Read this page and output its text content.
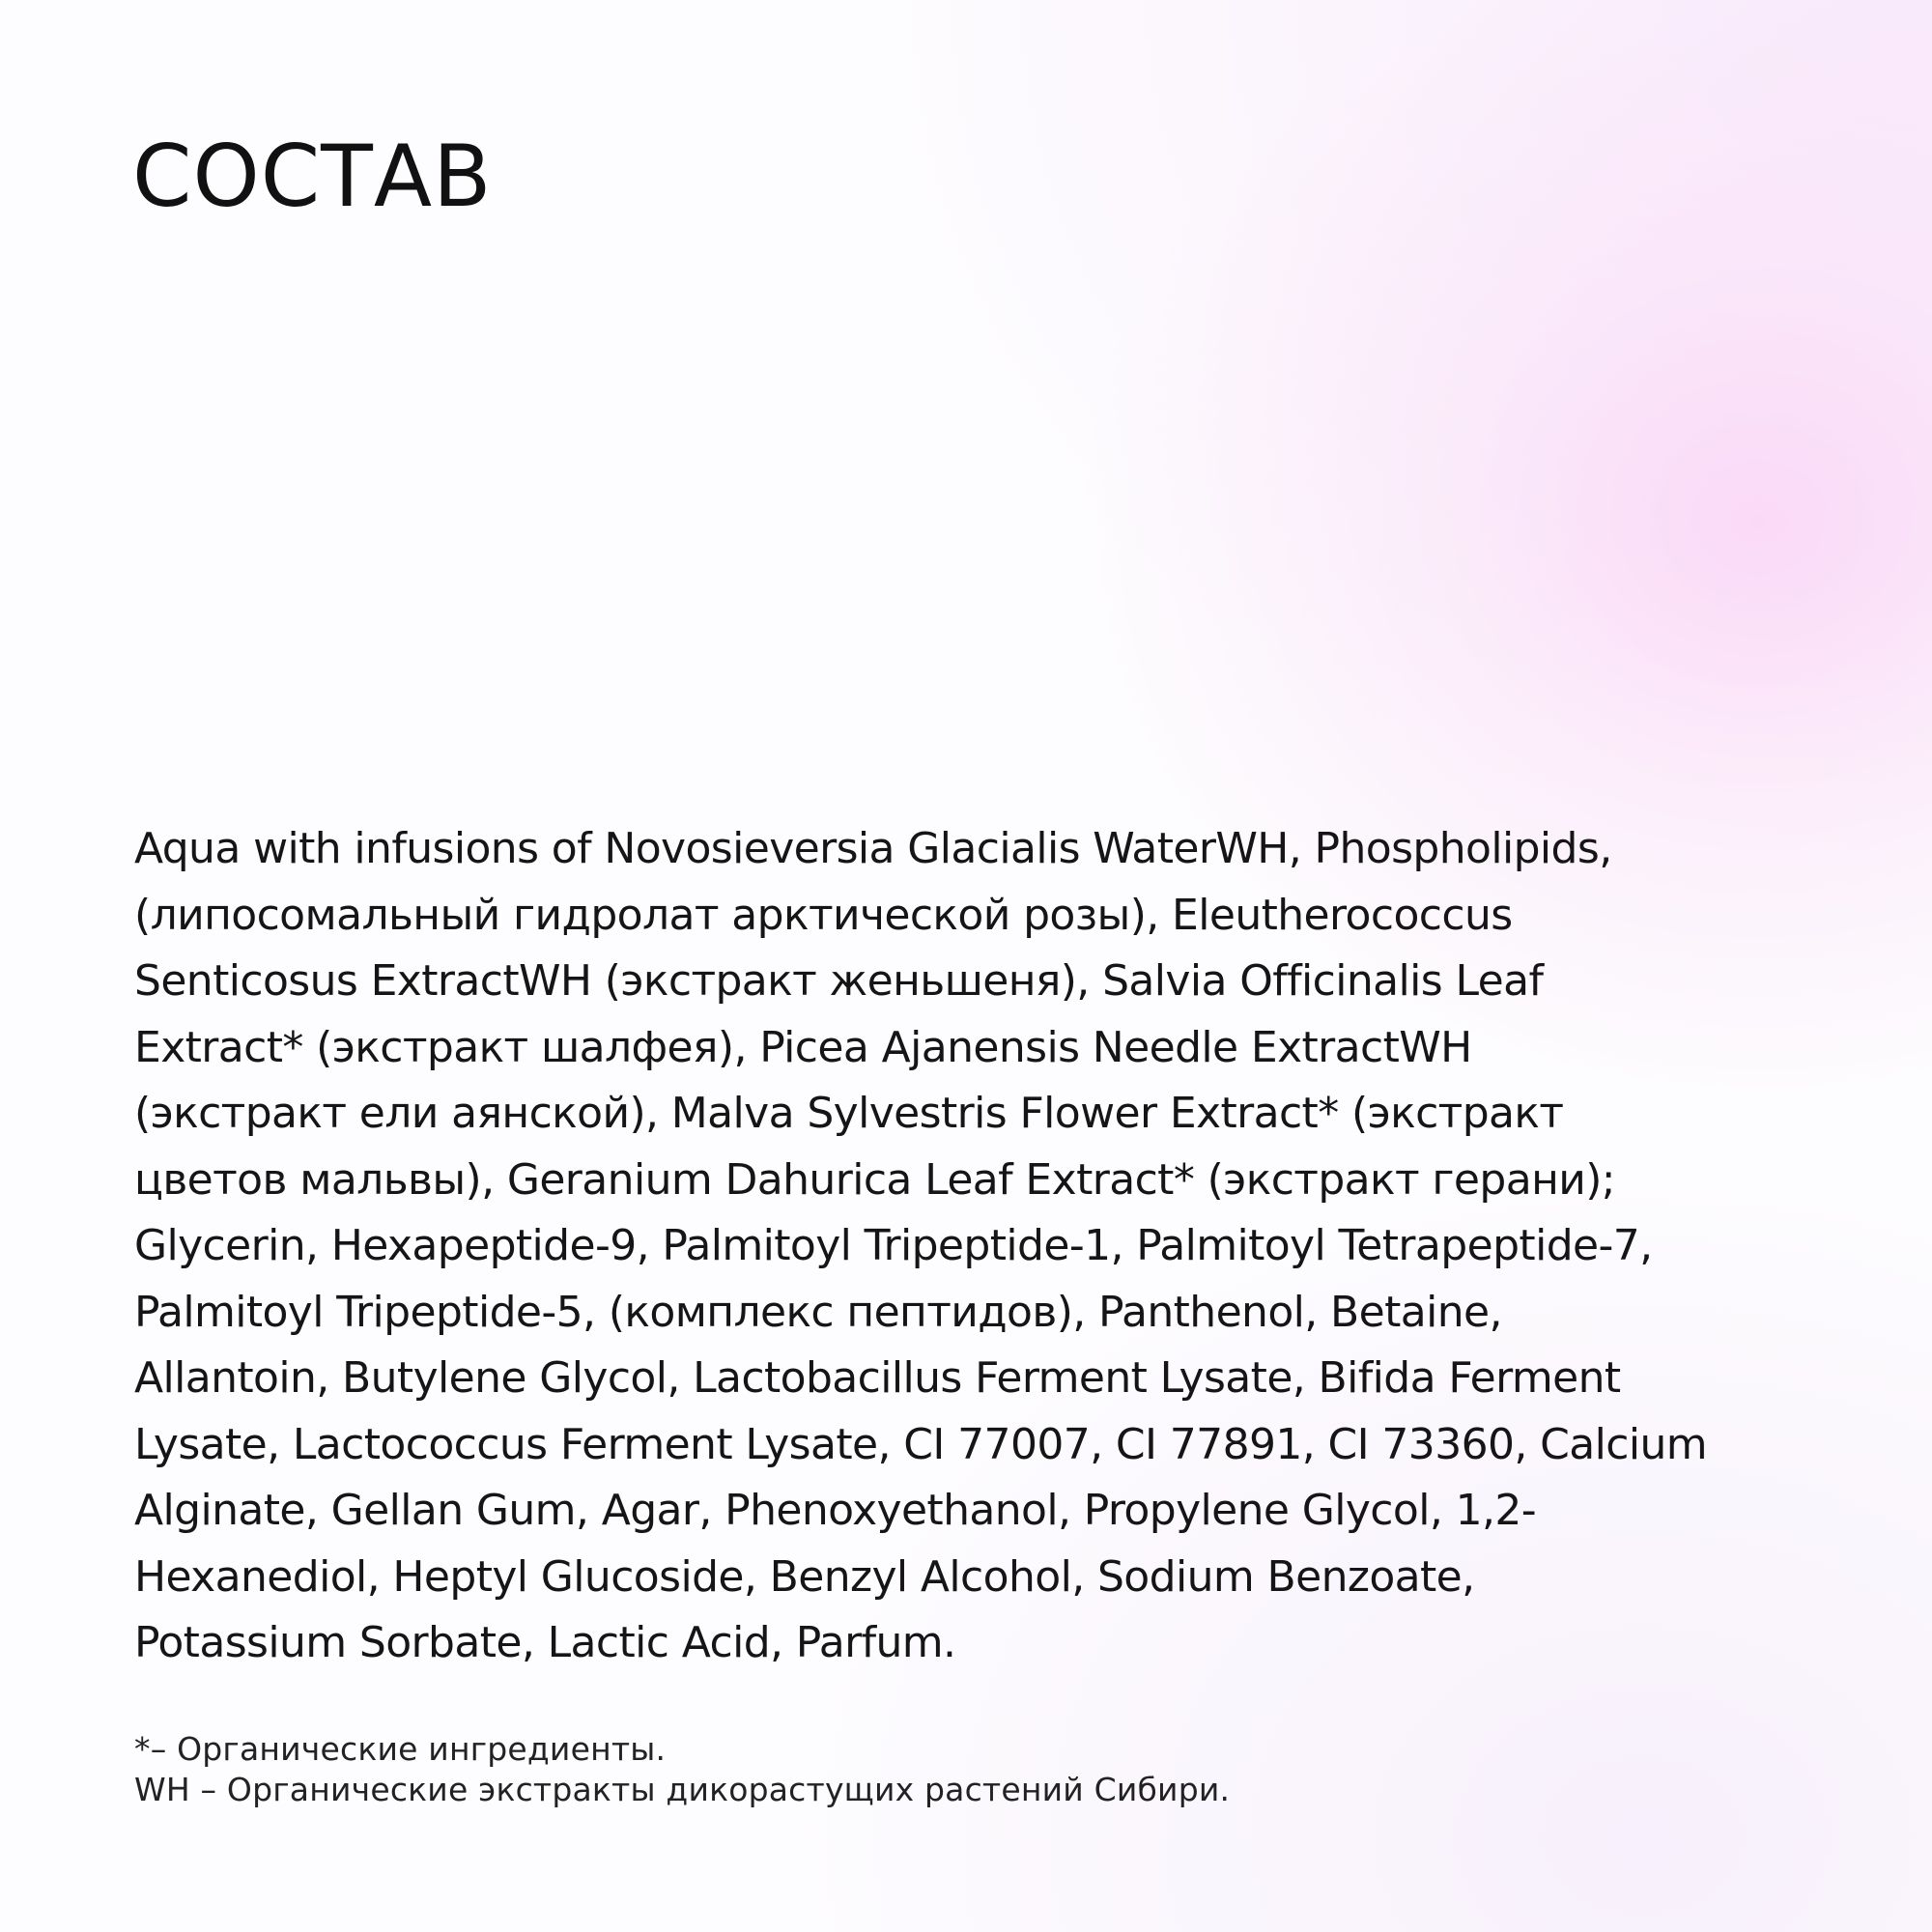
СОСТАВ
Aqua with infusions of Novosieversia Glacialis WaterWH, Phospholipids,
(липосомальный гидролат арктической розы), Eleutherococcus
Senticosus ExtractWH (экстракт женьшеня), Salvia Officinalis Leaf
Extract* (экстракт шалфея), Picea Ajanensis Needle ExtractWH
(экстракт ели аянской), Malva Sylvestris Flower Extract* (экстракт
цветов мальвы), Geranium Dahurica Leaf Extract* (экстракт герани);
Glycerin, Hexapeptide-9, Palmitoyl Tripeptide-1, Palmitoyl Tetrapeptide-7,
Palmitoyl Tripeptide-5, (комплекс пептидов), Panthenol, Betaine,
Allantoin, Butylene Glycol, Lactobacillus Ferment Lysate, Bifida Ferment
Lysate, Lactococcus Ferment Lysate, CI 77007, CI 77891, CI 73360, Calcium
Alginate, Gellan Gum, Agar, Phenoxyethanol, Propylene Glycol, 1,2-
Hexanediol, Heptyl Glucoside, Benzyl Alcohol, Sodium Benzoate,
Potassium Sorbate, Lactic Acid, Parfum.
*– Органические ингредиенты.
WH – Органические экстракты дикорастущих растений Сибири.
